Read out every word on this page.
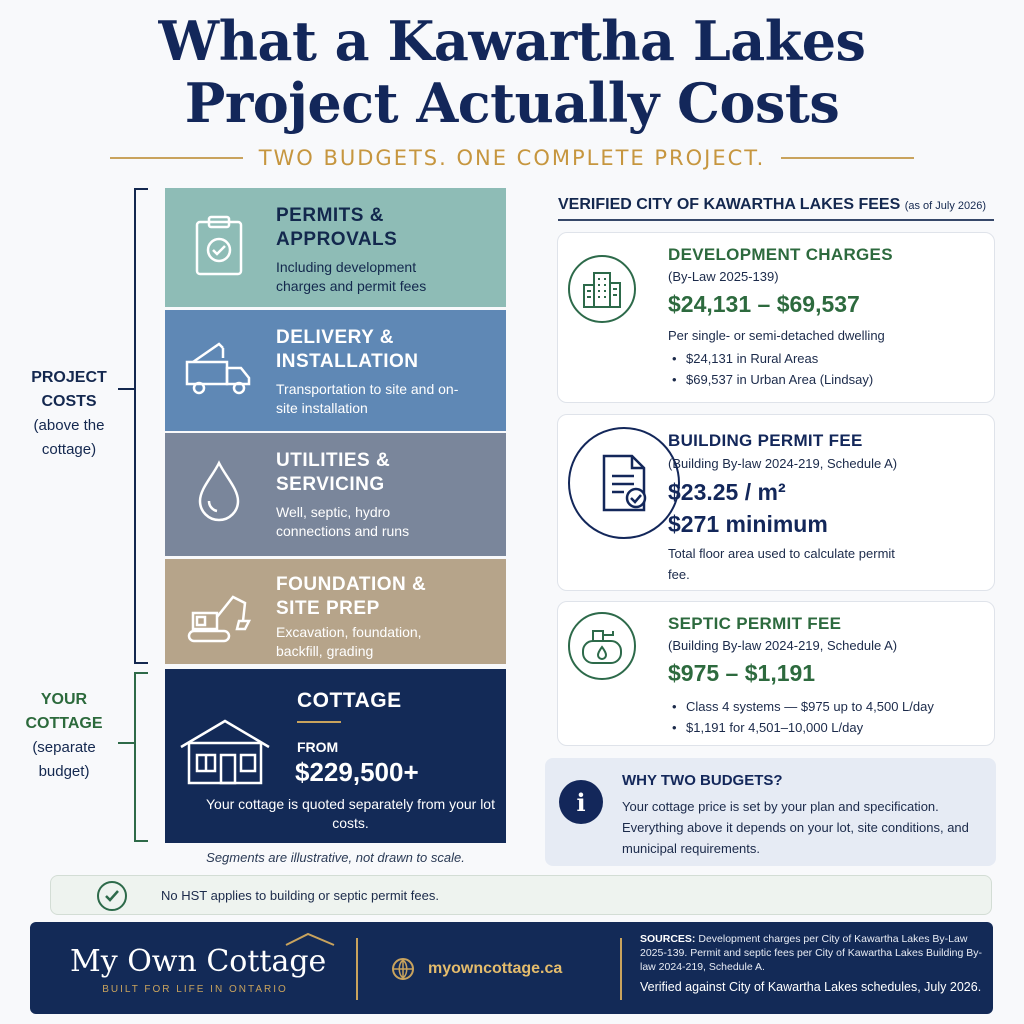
What a Kawartha Lakes
Project Actually Costs
TWO BUDGETS. ONE COMPLETE PROJECT.
PROJECT COSTS
(above the cottage)
YOUR COTTAGE
(separate budget)
PERMITS & APPROVALS
Including development charges and permit fees
DELIVERY & INSTALLATION
Transportation to site and on-site installation
UTILITIES & SERVICING
Well, septic, hydro connections and runs
FOUNDATION & SITE PREP
Excavation, foundation, backfill, grading
COTTAGE
FROM
$229,500+
Your cottage is quoted separately from your lot costs.
Segments are illustrative, not drawn to scale.
VERIFIED CITY OF KAWARTHA LAKES FEES (as of July 2026)
DEVELOPMENT CHARGES
(By-Law 2025-139)
$24,131 – $69,537
Per single- or semi-detached dwelling
• $24,131 in Rural Areas
• $69,537 in Urban Area (Lindsay)
BUILDING PERMIT FEE
(Building By-law 2024-219, Schedule A)
$23.25 / m²
$271 minimum
Total floor area used to calculate permit fee.
SEPTIC PERMIT FEE
(Building By-law 2024-219, Schedule A)
$975 – $1,191
• Class 4 systems — $975 up to 4,500 L/day
• $1,191 for 4,501–10,000 L/day
i
WHY TWO BUDGETS?
Your cottage price is set by your plan and specification. Everything above it depends on your lot, site conditions, and municipal requirements.
No HST applies to building or septic permit fees.
My Own Cottage
BUILT FOR LIFE IN ONTARIO
myowncottage.ca
SOURCES: Development charges per City of Kawartha Lakes By-Law 2025-139. Permit and septic fees per City of Kawartha Lakes Building By-law 2024-219, Schedule A.
Verified against City of Kawartha Lakes schedules, July 2026.
